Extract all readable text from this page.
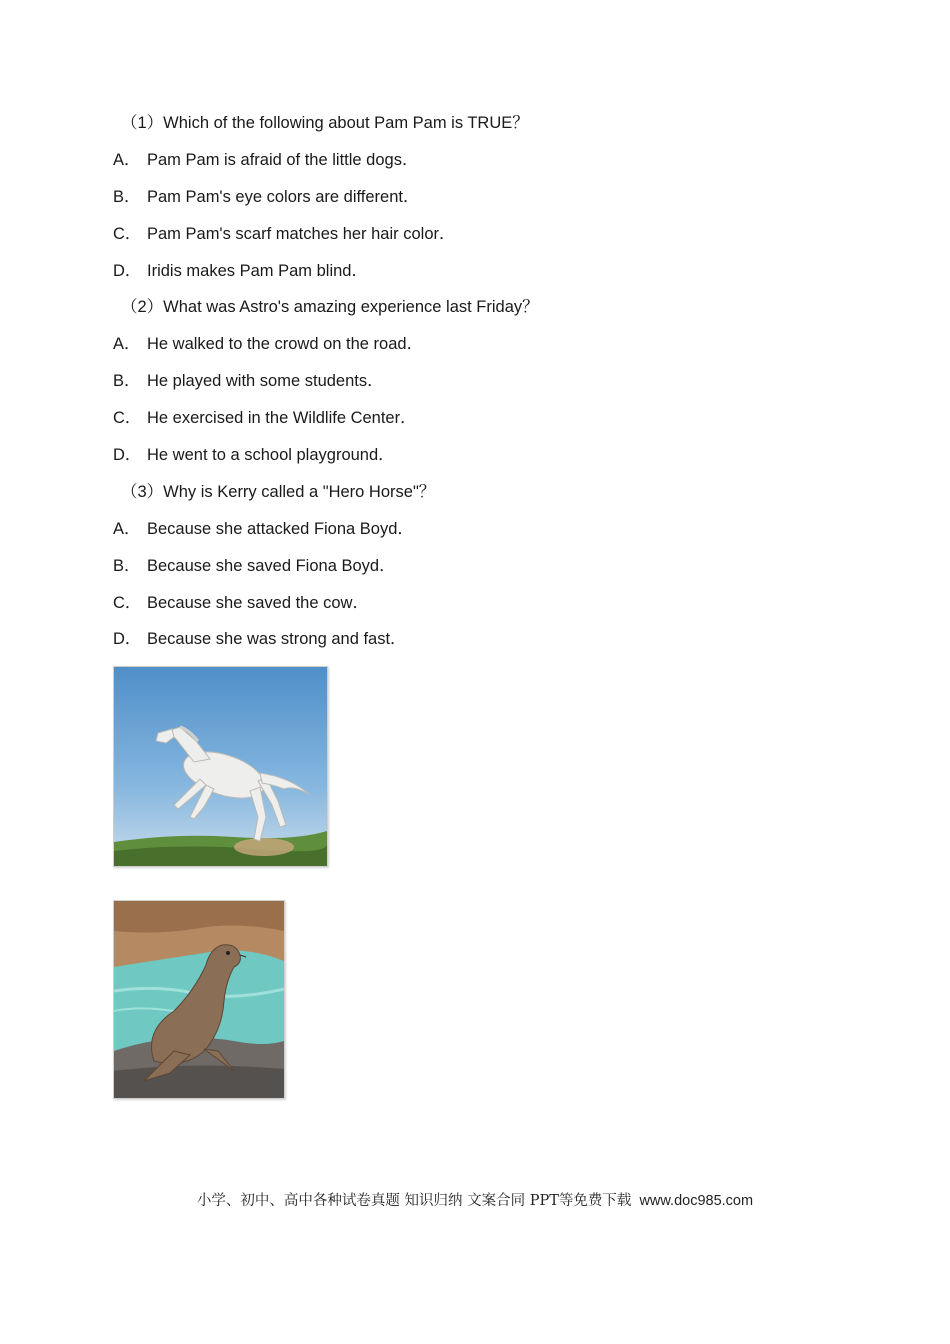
（1）Which of the following about Pam Pam is TRUE？
A． Pam Pam is afraid of the little dogs．
B． Pam Pam's eye colors are different．
C． Pam Pam's scarf matches her hair color．
D． Iridis makes Pam Pam blind．
（2）What was Astro's amazing experience last Friday？
A． He walked to the crowd on the road．
B． He played with some students．
C． He exercised in the Wildlife Center．
D． He went to a school playground．
（3）Why is Kerry called a "Hero Horse"？
A． Because she attacked Fiona Boyd．
B． Because she saved Fiona Boyd．
C． Because she saved the cow．
D． Because she was strong and fast．
小学、初中、高中各种试卷真题 知识归纳 文案合同 PPT等免费下载 www.doc985.com
